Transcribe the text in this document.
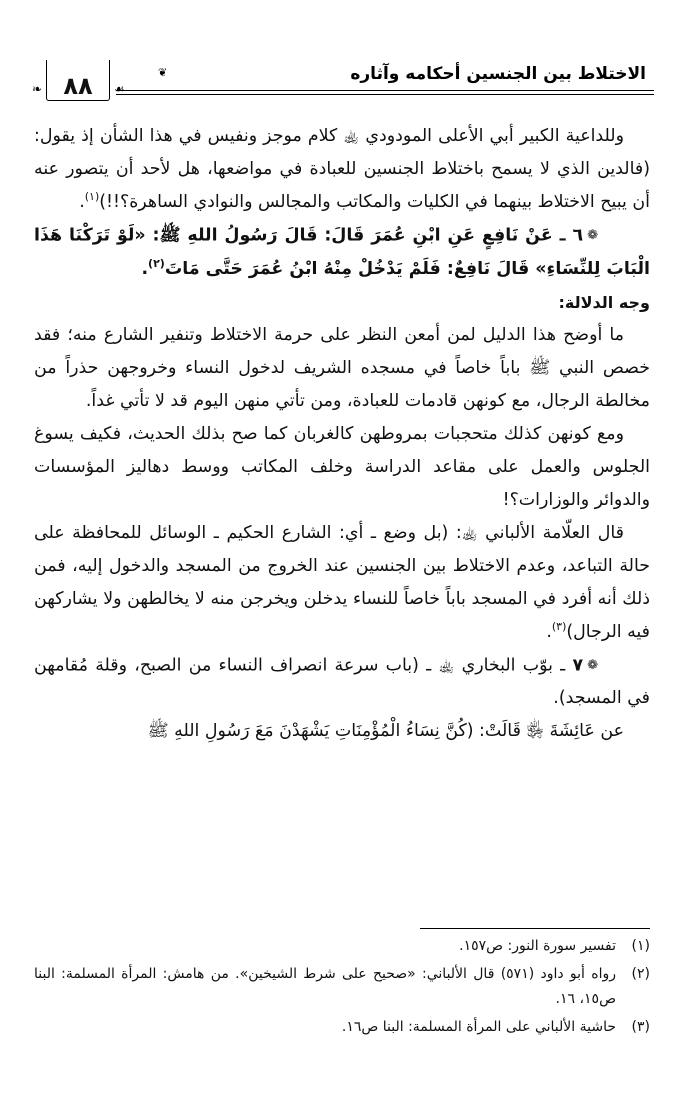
الاختلاط بين الجنسين أحكامه وآثاره
❦
٨٨
❧	☙

وللداعية الكبير أبي الأعلى المودودي ﵀ كلام موجز ونفيس في هذا الشأن إذ يقول: (فالدين الذي لا يسمح باختلاط الجنسين للعبادة في مواضعها، هل لأحد أن يتصور عنه أن يبيح الاختلاط بينهما في الكليات والمكاتب والمجالس والنوادي الساهرة؟!!)$^{(١)}$.

❁٦ ـ عَنْ نَافِعٍ عَنِ ابْنِ عُمَرَ قَالَ: قَالَ رَسُولُ اللهِ ﷺ: «لَوْ تَرَكْنَا هَذَا الْبَابَ لِلنِّسَاءِ» قَالَ نَافِعٌ: فَلَمْ يَدْخُلْ مِنْهُ ابْنُ عُمَرَ حَتَّى مَاتَ$^{(٢)}$.

وجه الدلالة:

ما أوضح هذا الدليل لمن أمعن النظر على حرمة الاختلاط وتنفير الشارع منه؛ فقد خصص النبي ﷺ باباً خاصاً في مسجده الشريف لدخول النساء وخروجهن حذراً من مخالطة الرجال، مع كونهن قادمات للعبادة، ومن تأتي منهن اليوم قد لا تأتي غداً.

ومع كونهن كذلك متحجبات بمروطهن كالغربان كما صح بذلك الحديث، فكيف يسوغ الجلوس والعمل على مقاعد الدراسة وخلف المكاتب ووسط دهاليز المؤسسات والدوائر والوزارات؟!

قال العلّامة الألباني ﵀: (بل وضع ـ أي: الشارع الحكيم ـ الوسائل للمحافظة على حالة التباعد، وعدم الاختلاط بين الجنسين عند الخروج من المسجد والدخول إليه، فمن ذلك أنه أفرد في المسجد باباً خاصاً للنساء يدخلن ويخرجن منه لا يخالطهن ولا يشاركهن فيه الرجال)$^{(٣)}$.

❁٧ ـ بوّب البخاري ﵀ ـ (باب سرعة انصراف النساء من الصبح، وقلة مُقامهن في المسجد).

عن عَائِشَةَ ﵂ قَالَتْ: (كُنَّ نِسَاءُ الْمُؤْمِنَاتِ يَشْهَدْنَ مَعَ رَسُولِ اللهِ ﷺ

(١)
تفسير سورة النور: ص١٥٧.

(٢)
رواه أبو داود (٥٧١) قال الألباني: «صحيح على شرط الشيخين». من هامش: المرأة المسلمة: البنا ص١٥، ١٦.

(٣)
حاشية الألباني على المرأة المسلمة: البنا ص١٦.
